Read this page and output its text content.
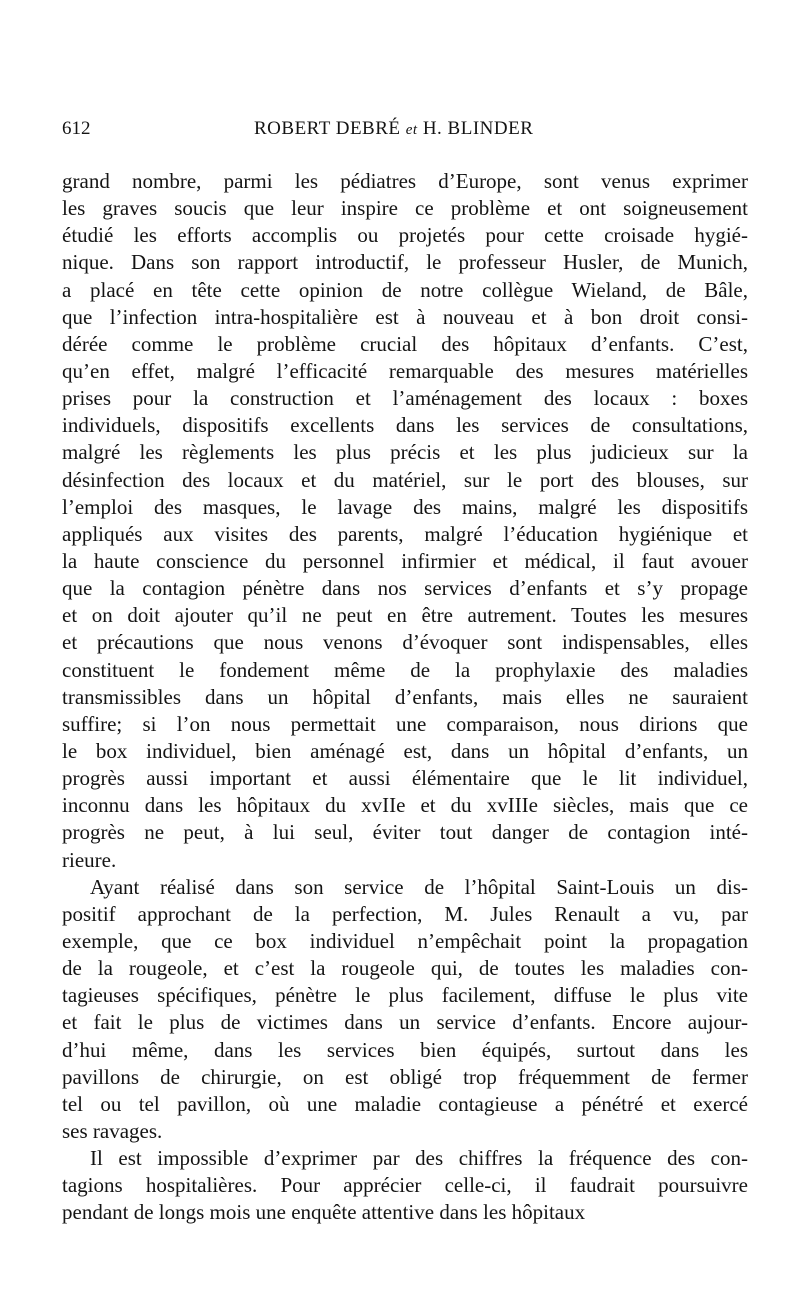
612	ROBERT DEBRÉ et H. BLINDER
grand nombre, parmi les pédiatres d’Europe, sont venus exprimer
les graves soucis que leur inspire ce problème et ont soigneusement
étudié les efforts accomplis ou projetés pour cette croisade hygié-
nique. Dans son rapport introductif, le professeur Husler, de Munich,
a placé en tête cette opinion de notre collègue Wieland, de Bâle,
que l’infection intra-hospitalière est à nouveau et à bon droit consi-
dérée comme le problème crucial des hôpitaux d’enfants. C’est,
qu’en effet, malgré l’efficacité remarquable des mesures matérielles
prises pour la construction et l’aménagement des locaux : boxes
individuels, dispositifs excellents dans les services de consultations,
malgré les règlements les plus précis et les plus judicieux sur la
désinfection des locaux et du matériel, sur le port des blouses, sur
l’emploi des masques, le lavage des mains, malgré les dispositifs
appliqués aux visites des parents, malgré l’éducation hygiénique et
la haute conscience du personnel infirmier et médical, il faut avouer
que la contagion pénètre dans nos services d’enfants et s’y propage
et on doit ajouter qu’il ne peut en être autrement. Toutes les mesures
et précautions que nous venons d’évoquer sont indispensables, elles
constituent le fondement même de la prophylaxie des maladies
transmissibles dans un hôpital d’enfants, mais elles ne sauraient
suffire; si l’on nous permettait une comparaison, nous dirions que
le box individuel, bien aménagé est, dans un hôpital d’enfants, un
progrès aussi important et aussi élémentaire que le lit individuel,
inconnu dans les hôpitaux du xvIIe et du xvIIIe siècles, mais que ce
progrès ne peut, à lui seul, éviter tout danger de contagion inté-
rieure.
Ayant réalisé dans son service de l’hôpital Saint-Louis un dis-
positif approchant de la perfection, M. Jules Renault a vu, par
exemple, que ce box individuel n’empêchait point la propagation
de la rougeole, et c’est la rougeole qui, de toutes les maladies con-
tagieuses spécifiques, pénètre le plus facilement, diffuse le plus vite
et fait le plus de victimes dans un service d’enfants. Encore aujour-
d’hui même, dans les services bien équipés, surtout dans les
pavillons de chirurgie, on est obligé trop fréquemment de fermer
tel ou tel pavillon, où une maladie contagieuse a pénétré et exercé
ses ravages.
Il est impossible d’exprimer par des chiffres la fréquence des con-
tagions hospitalières. Pour apprécier celle-ci, il faudrait poursuivre
pendant de longs mois une enquête attentive dans les hôpitaux
